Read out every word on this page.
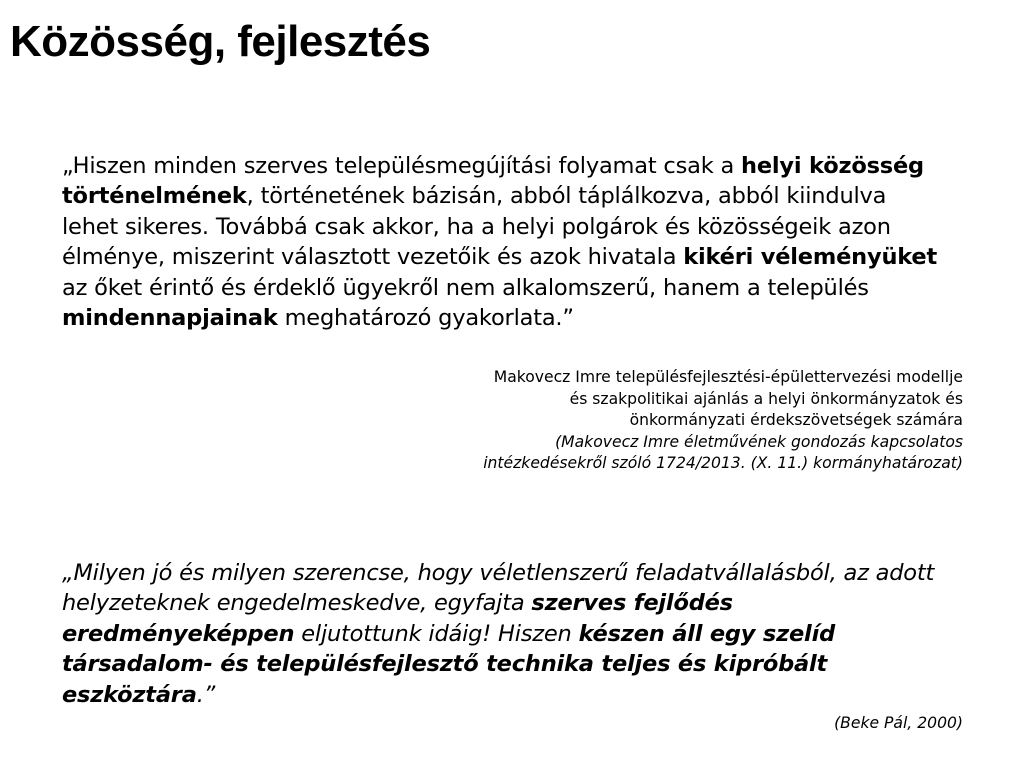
Közösség, fejlesztés

„Hiszen minden szerves településmegújítási folyamat csak a helyi közösség történelmének, történetének bázisán, abból táplálkozva, abból kiindulva lehet sikeres. Továbbá csak akkor, ha a helyi polgárok és közösségeik azon élménye, miszerint választott vezetőik és azok hivatala kikéri véleményüket az őket érintő és érdeklő ügyekről nem alkalomszerű, hanem a település mindennapjainak meghatározó gyakorlata.”

Makovecz Imre településfejlesztési-épülettervezési modellje
és szakpolitikai ajánlás a helyi önkormányzatok és
önkormányzati érdekszövetségek számára
(Makovecz Imre életművének gondozás kapcsolatos
intézkedésekről szóló 1724/2013. (X. 11.) kormányhatározat)

„Milyen jó és milyen szerencse, hogy véletlenszerű feladatvállalásból, az adott helyzeteknek engedelmeskedve, egyfajta szerves fejlődés eredményeképpen eljutottunk idáig! Hiszen készen áll egy szelíd társadalom- és településfejlesztő technika teljes és kipróbált eszköztára.”

(Beke Pál, 2000)
